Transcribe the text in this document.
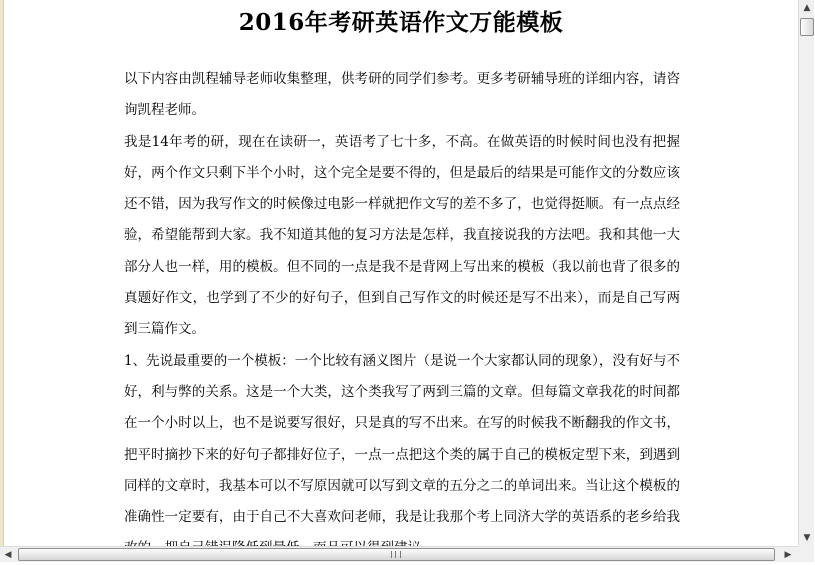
2016年考研英语作文万能模板

以下内容由凯程辅导老师收集整理，供考研的同学们参考。更多考研辅导班的详细内容，请咨询凯程老师。

我是14年考的研，现在在读研一，英语考了七十多，不高。在做英语的时候时间也没有把握好，两个作文只剩下半个小时，这个完全是要不得的，但是最后的结果是可能作文的分数应该还不错，因为我写作文的时候像过电影一样就把作文写的差不多了，也觉得挺顺。有一点点经验，希望能帮到大家。我不知道其他的复习方法是怎样，我直接说我的方法吧。我和其他一大部分人也一样，用的模板。但不同的一点是我不是背网上写出来的模板（我以前也背了很多的真题好作文，也学到了不少的好句子，但到自己写作文的时候还是写不出来），而是自己写两到三篇作文。

1、先说最重要的一个模板：一个比较有涵义图片（是说一个大家都认同的现象），没有好与不好，利与弊的关系。这是一个大类，这个类我写了两到三篇的文章。但每篇文章我花的时间都在一个小时以上，也不是说要写很好，只是真的写不出来。在写的时候我不断翻我的作文书，把平时摘抄下来的好句子都排好位子，一点一点把这个类的属于自己的模板定型下来，到遇到同样的文章时，我基本可以不写原因就可以写到文章的五分之二的单词出来。当让这个模板的准确性一定要有，由于自己不大喜欢问老师，我是让我那个考上同济大学的英语系的老乡给我

▲
▼
◀	▶
